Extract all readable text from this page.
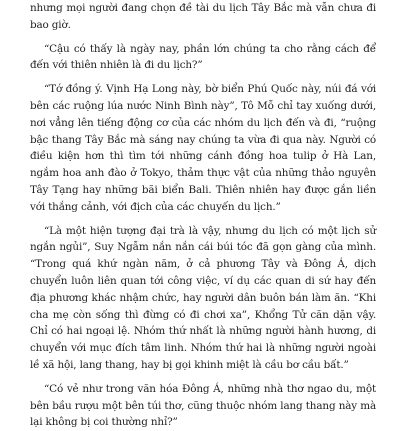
nhưng mọi người đang chọn đề tài du lịch Tây Bắc mà vẫn chưa đi bao giờ.

“Cậu có thấy là ngày nay, phần lớn chúng ta cho rằng cách để đến với thiên nhiên là đi du lịch?”

“Tớ đồng ý. Vịnh Hạ Long này, bờ biển Phú Quốc này, núi đá với bên các ruộng lúa nước Ninh Bình này”, Tô Mỗ chỉ tay xuống dưới, nơi vẳng lên tiếng động cơ của các nhóm du lịch đến và đi, “ruộng bậc thang Tây Bắc mà sáng nay chúng ta vừa đi qua này. Người có điều kiện hơn thì tìm tới những cánh đồng hoa tulip ở Hà Lan, ngắm hoa anh đào ở Tokyo, thảm thực vật của những thảo nguyên Tây Tạng hay những bãi biển Bali. Thiên nhiên hay được gắn liền với thắng cảnh, với địch của các chuyến du lịch.”

“Là một hiện tượng đại trà là vậy, nhưng du lịch có một lịch sử ngắn ngủi”, Suy Ngẫm nắn nắn cái búi tóc đã gọn gàng của mình. “Trong quá khứ ngàn năm, ở cả phương Tây và Đông Á, dịch chuyển luôn liên quan tới công việc, ví dụ các quan di sứ hay đến địa phương khác nhậm chức, hay người dân buôn bán làm ăn. “Khi cha mẹ còn sống thì đừng có đi chơi xa”, Khổng Tử căn dặn vậy. Chỉ có hai ngoại lệ. Nhóm thứ nhất là những người hành hương, di chuyển với mục đích tâm linh. Nhóm thứ hai là những người ngoài lề xã hội, lang thang, hay bị gọi khinh miệt là cầu bơ cầu bất.”

“Có vẻ như trong văn hóa Đông Á, những nhà thơ ngao du, một bên bầu rượu một bên túi thơ, cũng thuộc nhóm lang thang này mà lại không bị coi thường nhỉ?”
